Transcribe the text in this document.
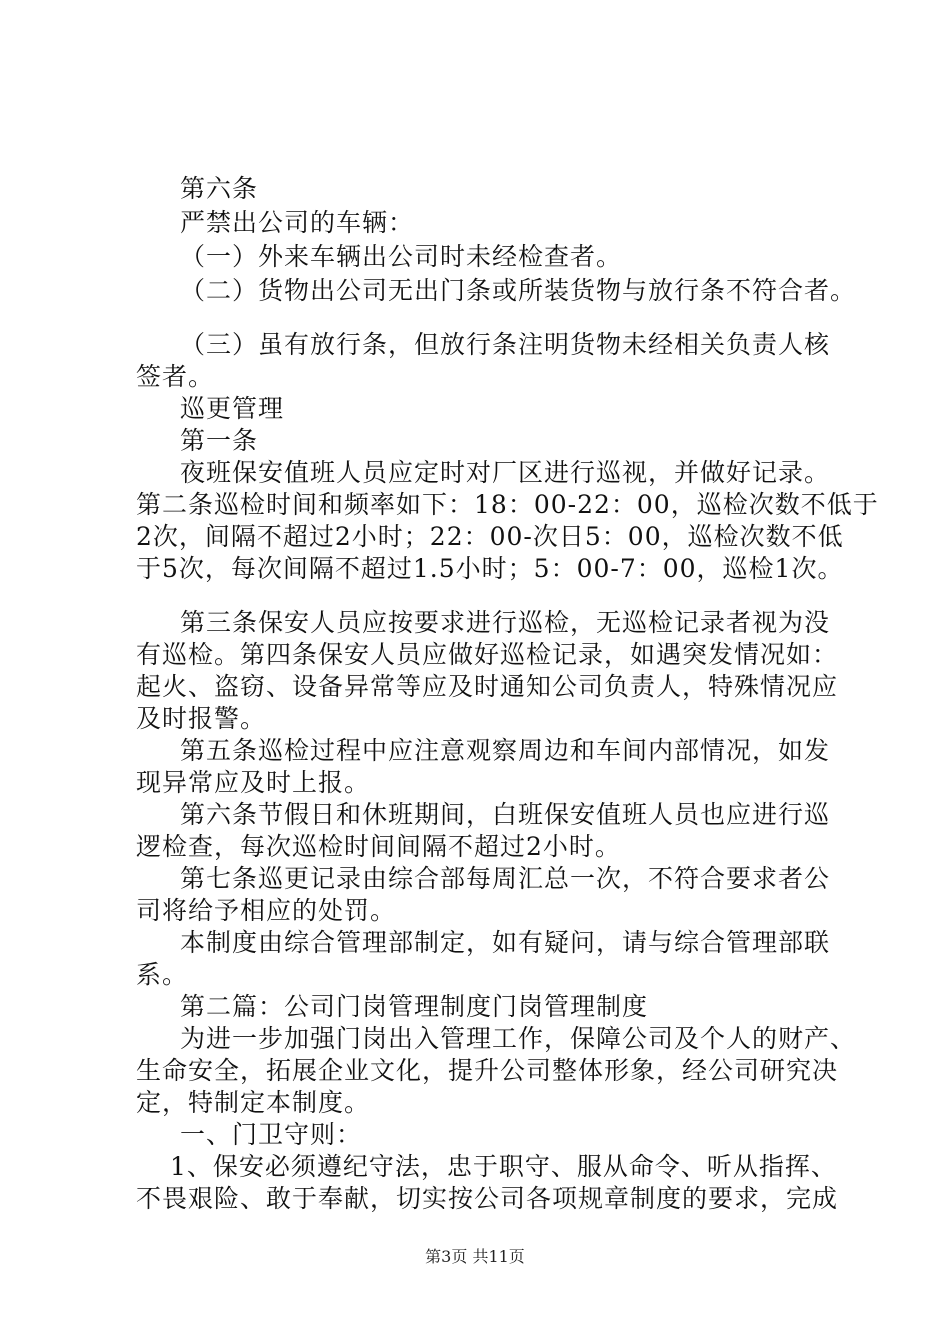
第六条
严禁出公司的车辆：
（一）外来车辆出公司时未经检查者。
（二）货物出公司无出门条或所装货物与放行条不符合者。
（三）虽有放行条，但放行条注明货物未经相关负责人核
签者。
巡更管理
第一条
夜班保安值班人员应定时对厂区进行巡视，并做好记录。
第二条巡检时间和频率如下：18：00-22：00，巡检次数不低于
2次，间隔不超过2小时；22：00-次日5：00，巡检次数不低
于5次，每次间隔不超过1.5小时；5：00-7：00，巡检1次。
第三条保安人员应按要求进行巡检，无巡检记录者视为没
有巡检。第四条保安人员应做好巡检记录，如遇突发情况如：
起火、盗窃、设备异常等应及时通知公司负责人，特殊情况应
及时报警。
第五条巡检过程中应注意观察周边和车间内部情况，如发
现异常应及时上报。
第六条节假日和休班期间，白班保安值班人员也应进行巡
逻检查，每次巡检时间间隔不超过2小时。
第七条巡更记录由综合部每周汇总一次，不符合要求者公
司将给予相应的处罚。
本制度由综合管理部制定，如有疑问，请与综合管理部联
系。
第二篇：公司门岗管理制度门岗管理制度
为进一步加强门岗出入管理工作，保障公司及个人的财产、
生命安全，拓展企业文化，提升公司整体形象，经公司研究决
定，特制定本制度。
一、门卫守则：
1、保安必须遵纪守法，忠于职守、服从命令、听从指挥、
不畏艰险、敢于奉献，切实按公司各项规章制度的要求，完成
第3页 共11页
